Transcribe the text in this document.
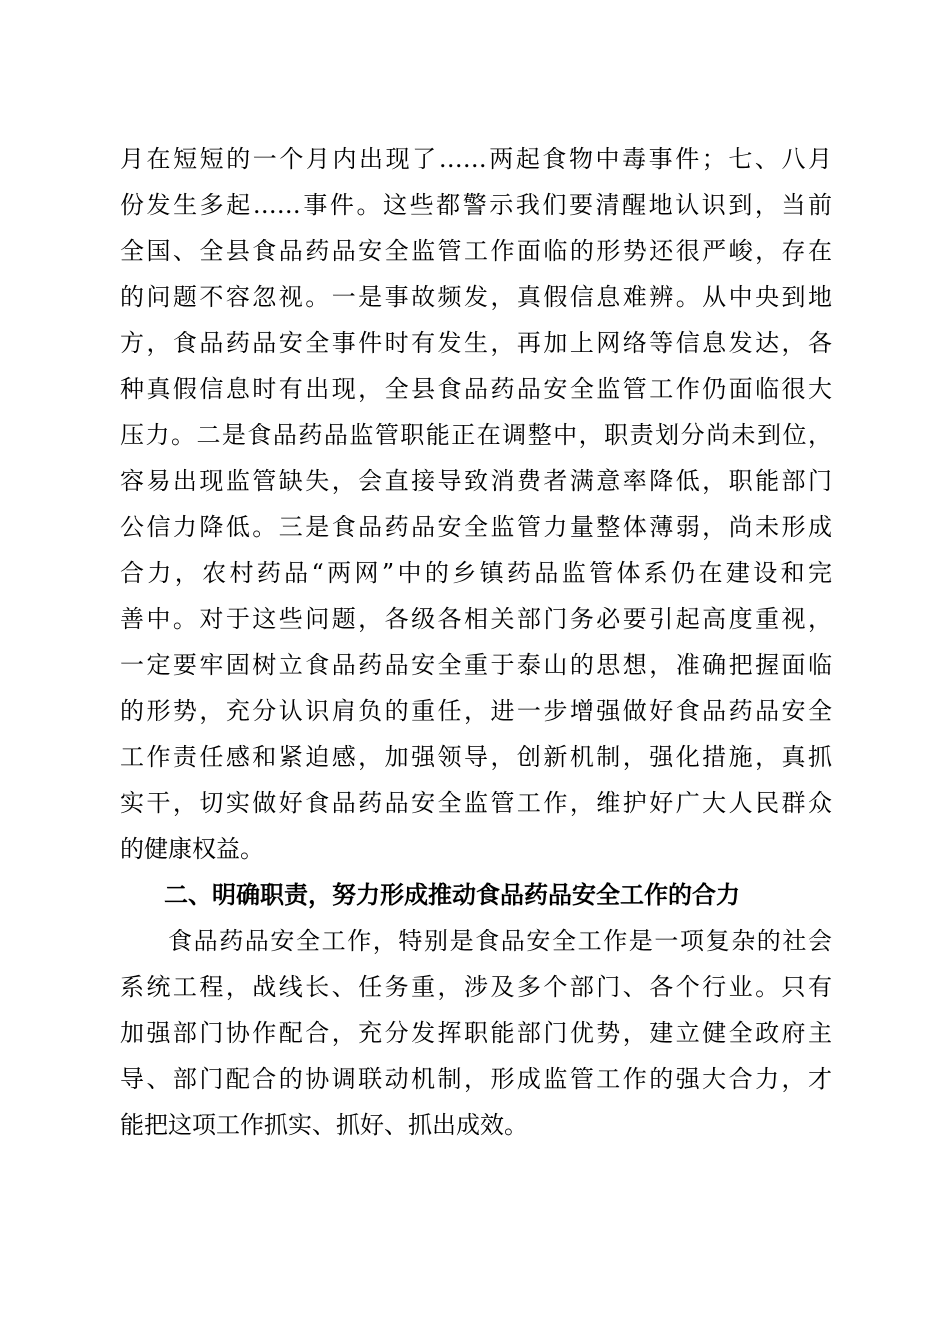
月在短短的一个月内出现了……两起食物中毒事件；七、八月
份发生多起……事件。这些都警示我们要清醒地认识到，当前
全国、全县食品药品安全监管工作面临的形势还很严峻，存在
的问题不容忽视。一是事故频发，真假信息难辨。从中央到地
方，食品药品安全事件时有发生，再加上网络等信息发达，各
种真假信息时有出现，全县食品药品安全监管工作仍面临很大
压力。二是食品药品监管职能正在调整中，职责划分尚未到位，
容易出现监管缺失，会直接导致消费者满意率降低，职能部门
公信力降低。三是食品药品安全监管力量整体薄弱，尚未形成
合力，农村药品“两网”中的乡镇药品监管体系仍在建设和完
善中。对于这些问题，各级各相关部门务必要引起高度重视，
一定要牢固树立食品药品安全重于泰山的思想，准确把握面临
的形势，充分认识肩负的重任，进一步增强做好食品药品安全
工作责任感和紧迫感，加强领导，创新机制，强化措施，真抓
实干，切实做好食品药品安全监管工作，维护好广大人民群众
的健康权益。
二、明确职责，努力形成推动食品药品安全工作的合力
食品药品安全工作，特别是食品安全工作是一项复杂的社会
系统工程，战线长、任务重，涉及多个部门、各个行业。只有
加强部门协作配合，充分发挥职能部门优势，建立健全政府主
导、部门配合的协调联动机制，形成监管工作的强大合力，才
能把这项工作抓实、抓好、抓出成效。
